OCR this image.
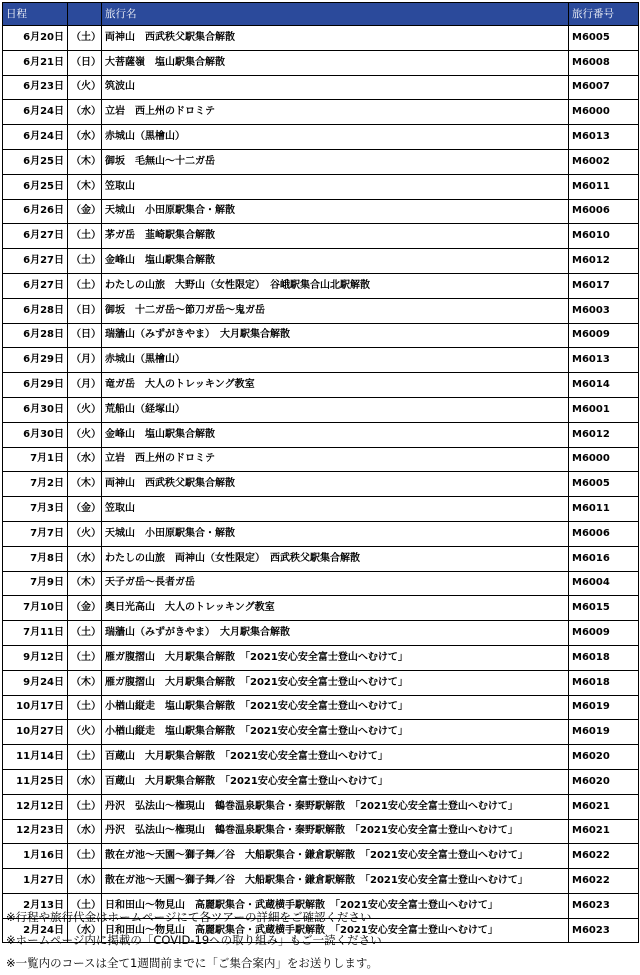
日程		旅行名	旅行番号
6月20日	（土）	両神山　西武秩父駅集合解散	M6005
6月21日	（日）	大菩薩嶺　塩山駅集合解散	M6008
6月23日	（火）	筑波山	M6007
6月24日	（水）	立岩　西上州のドロミテ	M6000
6月24日	（水）	赤城山（黒檜山）	M6013
6月25日	（木）	御坂　毛無山～十二ガ岳	M6002
6月25日	（木）	笠取山	M6011
6月26日	（金）	天城山　小田原駅集合・解散	M6006
6月27日	（土）	茅ガ岳　韮崎駅集合解散	M6010
6月27日	（土）	金峰山　塩山駅集合解散	M6012
6月27日	（土）	わたしの山旅　大野山（女性限定）　谷峨駅集合山北駅解散	M6017
6月28日	（日）	御坂　十二ガ岳～節刀ガ岳～鬼ガ岳	M6003
6月28日	（日）	瑞牆山（みずがきやま）　大月駅集合解散	M6009
6月29日	（月）	赤城山（黒檜山）	M6013
6月29日	（月）	竜ガ岳　大人のトレッキング教室	M6014
6月30日	（火）	荒船山（経塚山）	M6001
6月30日	（火）	金峰山　塩山駅集合解散	M6012
7月1日	（水）	立岩　西上州のドロミテ	M6000
7月2日	（木）	両神山　西武秩父駅集合解散	M6005
7月3日	（金）	笠取山	M6011
7月7日	（火）	天城山　小田原駅集合・解散	M6006
7月8日	（水）	わたしの山旅　両神山（女性限定）　西武秩父駅集合解散	M6016
7月9日	（木）	天子ガ岳～長者ガ岳	M6004
7月10日	（金）	奥日光高山　大人のトレッキング教室	M6015
7月11日	（土）	瑞牆山（みずがきやま）　大月駅集合解散	M6009
9月12日	（土）	雁ガ腹摺山　大月駅集合解散　「2021安心安全富士登山へむけて」	M6018
9月24日	（木）	雁ガ腹摺山　大月駅集合解散　「2021安心安全富士登山へむけて」	M6018
10月17日	（土）	小楢山縦走　塩山駅集合解散　「2021安心安全富士登山へむけて」	M6019
10月27日	（火）	小楢山縦走　塩山駅集合解散　「2021安心安全富士登山へむけて」	M6019
11月14日	（土）	百蔵山　大月駅集合解散　「2021安心安全富士登山へむけて」	M6020
11月25日	（水）	百蔵山　大月駅集合解散　「2021安心安全富士登山へむけて」	M6020
12月12日	（土）	丹沢　弘法山～権現山　鶴巻温泉駅集合・秦野駅解散　「2021安心安全富士登山へむけて」	M6021
12月23日	（水）	丹沢　弘法山～権現山　鶴巻温泉駅集合・秦野駅解散　「2021安心安全富士登山へむけて」	M6021
1月16日	（土）	散在ガ池～天園～獅子舞／谷　大船駅集合・鎌倉駅解散　「2021安心安全富士登山へむけて」	M6022
1月27日	（水）	散在ガ池～天園～獅子舞／谷　大船駅集合・鎌倉駅解散　「2021安心安全富士登山へむけて」	M6022
2月13日	（土）	日和田山～物見山　高麗駅集合・武蔵横手駅解散　「2021安心安全富士登山へむけて」	M6023
2月24日	（水）	日和田山～物見山　高麗駅集合・武蔵横手駅解散　「2021安心安全富士登山へむけて」	M6023
※行程や旅行代金はホームページにて各ツアーの詳細をご確認ください
※ホームページ内に掲載の「COVID-19への取り組み」もご一読ください
※一覧内のコースは全て1週間前までに「ご集合案内」をお送りします。
